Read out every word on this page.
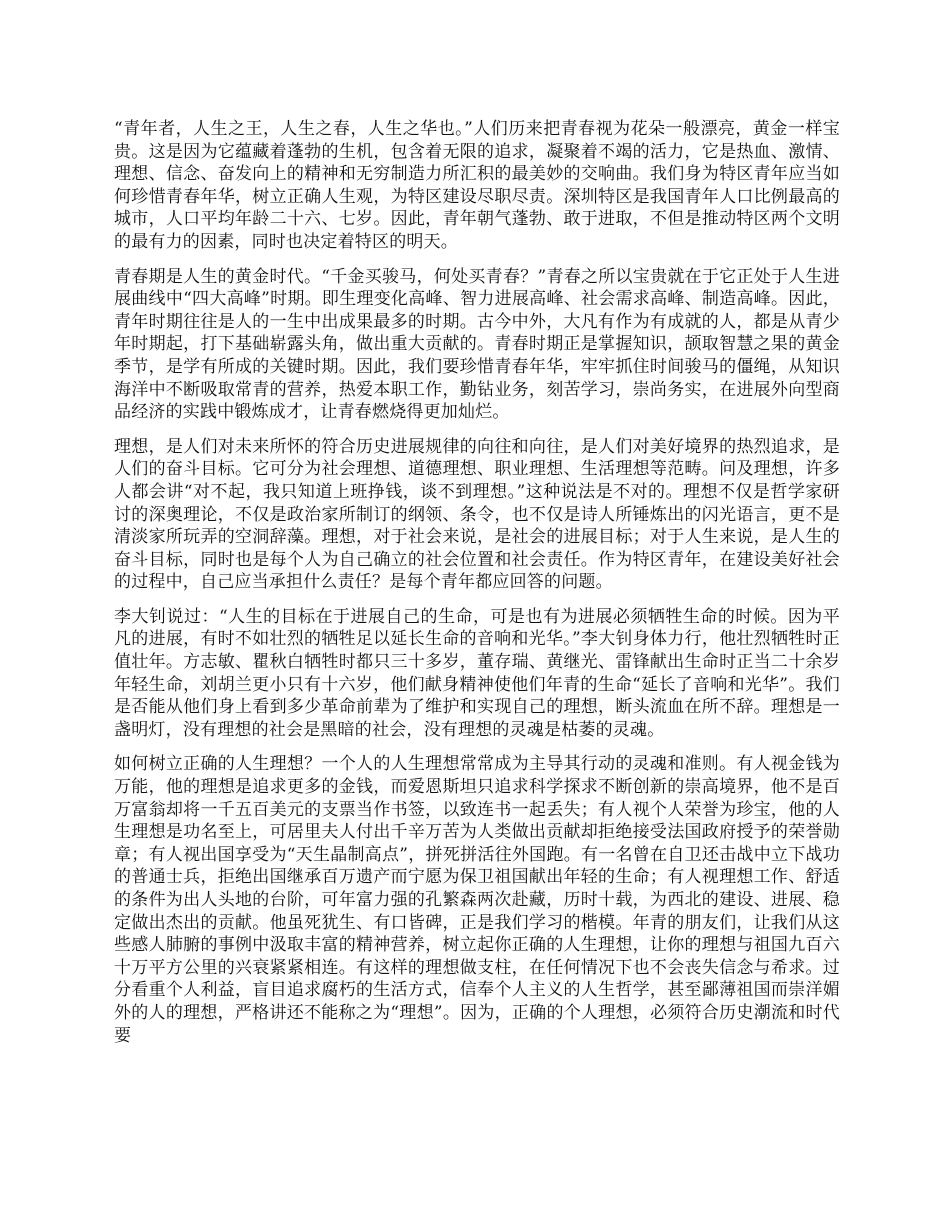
“青年者，人生之王，人生之春，人生之华也。”人们历来把青春视为花朵一般漂亮，黄金一样宝贵。这是因为它蕴藏着蓬勃的生机，包含着无限的追求，凝聚着不竭的活力，它是热血、激情、理想、信念、奋发向上的精神和无穷制造力所汇积的最美妙的交响曲。我们身为特区青年应当如何珍惜青春年华，树立正确人生观，为特区建设尽职尽责。深圳特区是我国青年人口比例最高的城市，人口平均年龄二十六、七岁。因此，青年朝气蓬勃、敢于进取，不但是推动特区两个文明的最有力的因素，同时也决定着特区的明天。

青春期是人生的黄金时代。“千金买骏马，何处买青春？”青春之所以宝贵就在于它正处于人生进展曲线中“四大高峰”时期。即生理变化高峰、智力进展高峰、社会需求高峰、制造高峰。因此，青年时期往往是人的一生中出成果最多的时期。古今中外，大凡有作为有成就的人，都是从青少年时期起，打下基础崭露头角，做出重大贡献的。青春时期正是掌握知识，颉取智慧之果的黄金季节，是学有所成的关键时期。因此，我们要珍惜青春年华，牢牢抓住时间骏马的僵绳，从知识海洋中不断吸取常青的营养，热爱本职工作，勤钻业务，刻苦学习，崇尚务实，在进展外向型商品经济的实践中锻炼成才，让青春燃烧得更加灿烂。

理想，是人们对未来所怀的符合历史进展规律的向往和向往，是人们对美好境界的热烈追求，是人们的奋斗目标。它可分为社会理想、道德理想、职业理想、生活理想等范畴。问及理想，许多人都会讲“对不起，我只知道上班挣钱，谈不到理想。”这种说法是不对的。理想不仅是哲学家研讨的深奥理论，不仅是政治家所制订的纲领、条令，也不仅是诗人所锤炼出的闪光语言，更不是清淡家所玩弄的空洞辞藻。理想，对于社会来说，是社会的进展目标；对于人生来说，是人生的奋斗目标，同时也是每个人为自己确立的社会位置和社会责任。作为特区青年，在建设美好社会的过程中，自己应当承担什么责任？是每个青年都应回答的问题。

李大钊说过：“人生的目标在于进展自己的生命，可是也有为进展必须牺牲生命的时候。因为平凡的进展，有时不如壮烈的牺牲足以延长生命的音响和光华。”李大钊身体力行，他壮烈牺牲时正值壮年。方志敏、瞿秋白牺牲时都只三十多岁，董存瑞、黄继光、雷锋献出生命时正当二十余岁年轻生命，刘胡兰更小只有十六岁，他们献身精神使他们年青的生命“延长了音响和光华”。我们是否能从他们身上看到多少革命前辈为了维护和实现自己的理想，断头流血在所不辞。理想是一盏明灯，没有理想的社会是黑暗的社会，没有理想的灵魂是枯萎的灵魂。

如何树立正确的人生理想？一个人的人生理想常常成为主导其行动的灵魂和准则。有人视金钱为万能，他的理想是追求更多的金钱，而爱恩斯坦只追求科学探求不断创新的崇高境界，他不是百万富翁却将一千五百美元的支票当作书签，以致连书一起丢失；有人视个人荣誉为珍宝，他的人生理想是功名至上，可居里夫人付出千辛万苦为人类做出贡献却拒绝接受法国政府授予的荣誉勋章；有人视出国享受为“天生晶制高点”，拼死拼活往外国跑。有一名曾在自卫还击战中立下战功的普通士兵，拒绝出国继承百万遗产而宁愿为保卫祖国献出年轻的生命；有人视理想工作、舒适的条件为出人头地的台阶，可年富力强的孔繁森两次赴藏，历时十载，为西北的建设、进展、稳定做出杰出的贡献。他虽死犹生、有口皆碑，正是我们学习的楷模。年青的朋友们，让我们从这些感人肺腑的事例中汲取丰富的精神营养，树立起你正确的人生理想，让你的理想与祖国九百六十万平方公里的兴衰紧紧相连。有这样的理想做支柱，在任何情况下也不会丧失信念与希求。过分看重个人利益，盲目追求腐朽的生活方式，信奉个人主义的人生哲学，甚至鄙薄祖国而崇洋媚外的人的理想，严格讲还不能称之为“理想”。因为，正确的个人理想，必须符合历史潮流和时代要
